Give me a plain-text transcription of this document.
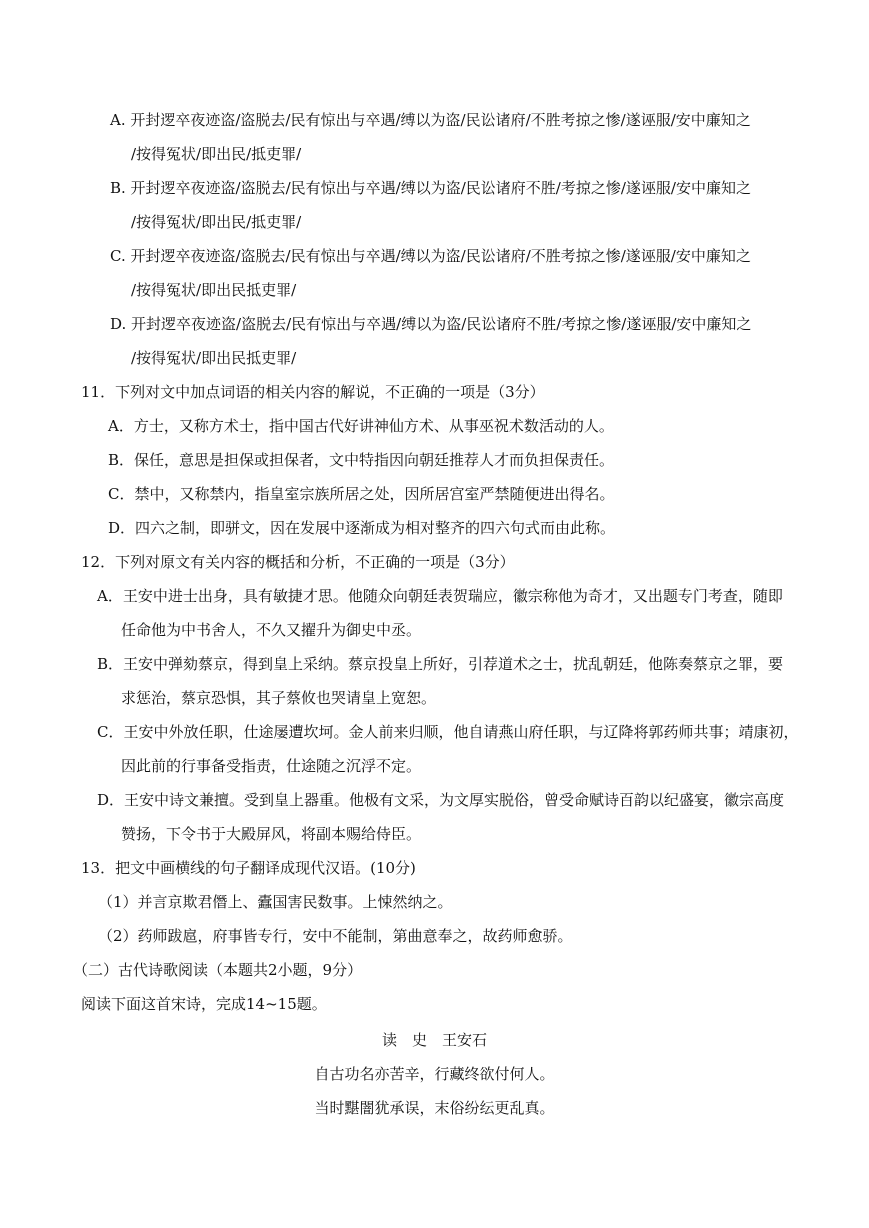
A. 开封逻卒夜迹盗/盗脱去/民有惊出与卒遇/缚以为盗/民讼诸府/不胜考掠之惨/遂诬服/安中廉知之
/按得冤状/即出民/抵吏罪/
B. 开封逻卒夜迹盗/盗脱去/民有惊出与卒遇/缚以为盗/民讼诸府不胜/考掠之惨/遂诬服/安中廉知之
/按得冤状/即出民/抵吏罪/
C. 开封逻卒夜迹盗/盗脱去/民有惊出与卒遇/缚以为盗/民讼诸府/不胜考掠之惨/遂诬服/安中廉知之
/按得冤状/即出民抵吏罪/
D. 开封逻卒夜迹盗/盗脱去/民有惊出与卒遇/缚以为盗/民讼诸府不胜/考掠之惨/遂诬服/安中廉知之
/按得冤状/即出民抵吏罪/
11．下列对文中加点词语的相关内容的解说，不正确的一项是（3分）
A．方士，又称方术士，指中国古代好讲神仙方术、从事巫祝术数活动的人。
B．保任，意思是担保或担保者，文中特指因向朝廷推荐人才而负担保责任。
C．禁中，又称禁内，指皇室宗族所居之处，因所居宫室严禁随便进出得名。
D．四六之制，即骈文，因在发展中逐渐成为相对整齐的四六句式而由此称。
12．下列对原文有关内容的概括和分析，不正确的一项是（3分）
A．王安中进士出身，具有敏捷才思。他随众向朝廷表贺瑞应，徽宗称他为奇才，又出题专门考查，随即
任命他为中书舍人，不久又擢升为御史中丞。
B．王安中弹劾蔡京，得到皇上采纳。蔡京投皇上所好，引荐道术之士，扰乱朝廷，他陈奏蔡京之罪，要
求惩治，蔡京恐惧，其子蔡攸也哭请皇上宽恕。
C．王安中外放任职，仕途屡遭坎坷。金人前来归顺，他自请燕山府任职，与辽降将郭药师共事；靖康初，
因此前的行事备受指责，仕途随之沉浮不定。
D．王安中诗文兼擅。受到皇上器重。他极有文采，为文厚实脱俗，曾受命赋诗百韵以纪盛宴，徽宗高度
赞扬，下令书于大殿屏风，将副本赐给侍臣。
13．把文中画横线的句子翻译成现代汉语。(10分)
（1）并言京欺君僭上、蠹国害民数事。上悚然纳之。
（2）药师跋扈，府事皆专行，安中不能制，第曲意奉之，故药师愈骄。
（二）古代诗歌阅读（本题共2小题，9分）
阅读下面这首宋诗，完成14~15题。
读　史　王安石
自古功名亦苦辛，行藏终欲付何人。
当时黮闇犹承误，末俗纷纭更乱真。
